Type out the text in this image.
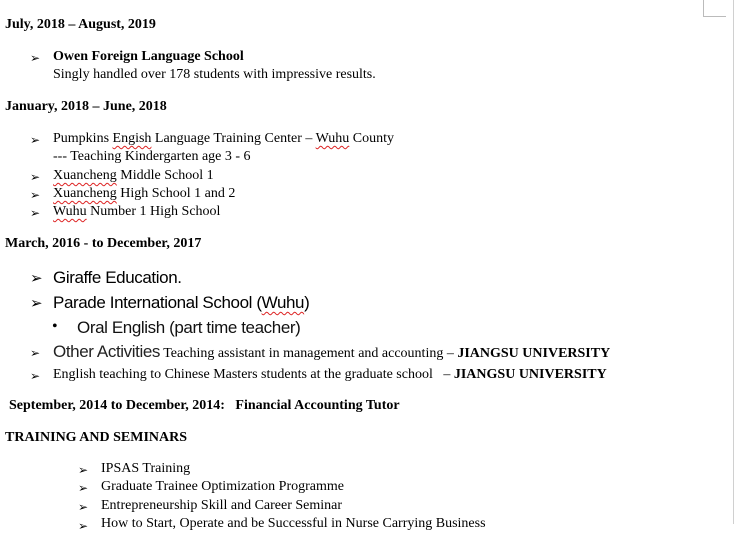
July, 2018 – August, 2019
➢ Owen Foreign Language School
Singly handled over 178 students with impressive results.
January, 2018 – June, 2018
➢ Pumpkins Engish Language Training Center – Wuhu County
--- Teaching Kindergarten age 3 - 6
➢ Xuancheng Middle School 1
➢ Xuancheng High School 1 and 2
➢ Wuhu Number 1 High School
March, 2016 - to December, 2017
➢ Giraffe Education.
➢ Parade International School (Wuhu)
• Oral English (part time teacher)
➢ Other Activities Teaching assistant in management and accounting – JIANGSU UNIVERSITY
➢ English teaching to Chinese Masters students at the graduate school   – JIANGSU UNIVERSITY
September, 2014 to December, 2014:   Financial Accounting Tutor
TRAINING AND SEMINARS
➢ IPSAS Training
➢ Graduate Trainee Optimization Programme
➢ Entrepreneurship Skill and Career Seminar
➢ How to Start, Operate and be Successful in Nurse Carrying Business
